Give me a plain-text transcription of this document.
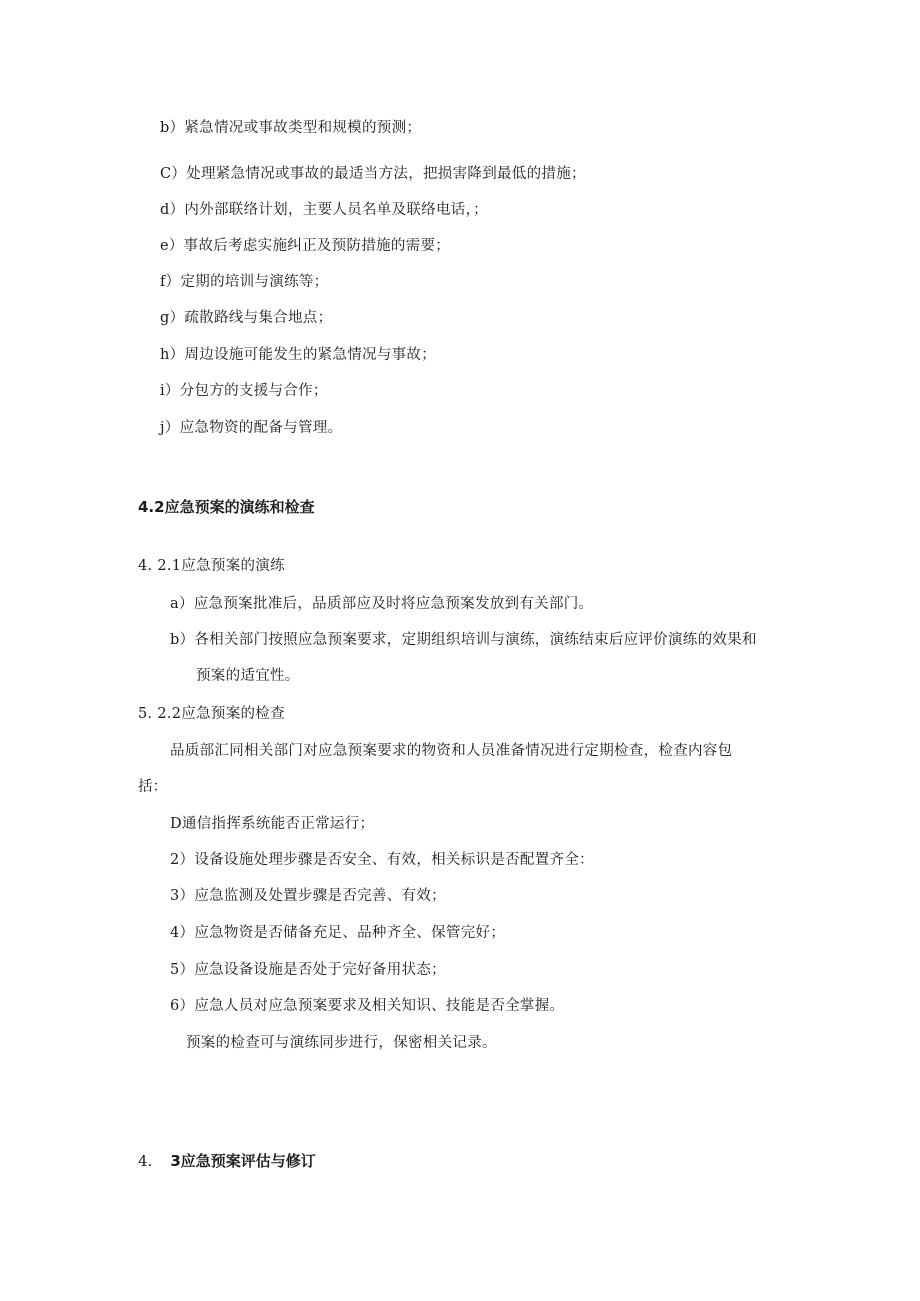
b）紧急情况或事故类型和规模的预测；
C）处理紧急情况或事故的最适当方法，把损害降到最低的措施；
d）内外部联络计划，主要人员名单及联络电话，；
e）事故后考虑实施纠正及预防措施的需要；
f）定期的培训与演练等；
g）疏散路线与集合地点；
h）周边设施可能发生的紧急情况与事故；
i）分包方的支援与合作；
j）应急物资的配备与管理。
4.2应急预案的演练和检查
4. 2.1应急预案的演练
a）应急预案批准后，品质部应及时将应急预案发放到有关部门。
b）各相关部门按照应急预案要求，定期组织培训与演练，演练结束后应评价演练的效果和
预案的适宜性。
5. 2.2应急预案的检查
品质部汇同相关部门对应急预案要求的物资和人员准备情况进行定期检查，检查内容包
括：
D通信指挥系统能否正常运行；
2）设备设施处理步骤是否安全、有效，相关标识是否配置齐全：
3）应急监测及处置步骤是否完善、有效；
4）应急物资是否储备充足、品种齐全、保管完好；
5）应急设备设施是否处于完好备用状态；
6）应急人员对应急预案要求及相关知识、技能是否全掌握。
预案的检查可与演练同步进行，保密相关记录。
4. 3应急预案评估与修订
